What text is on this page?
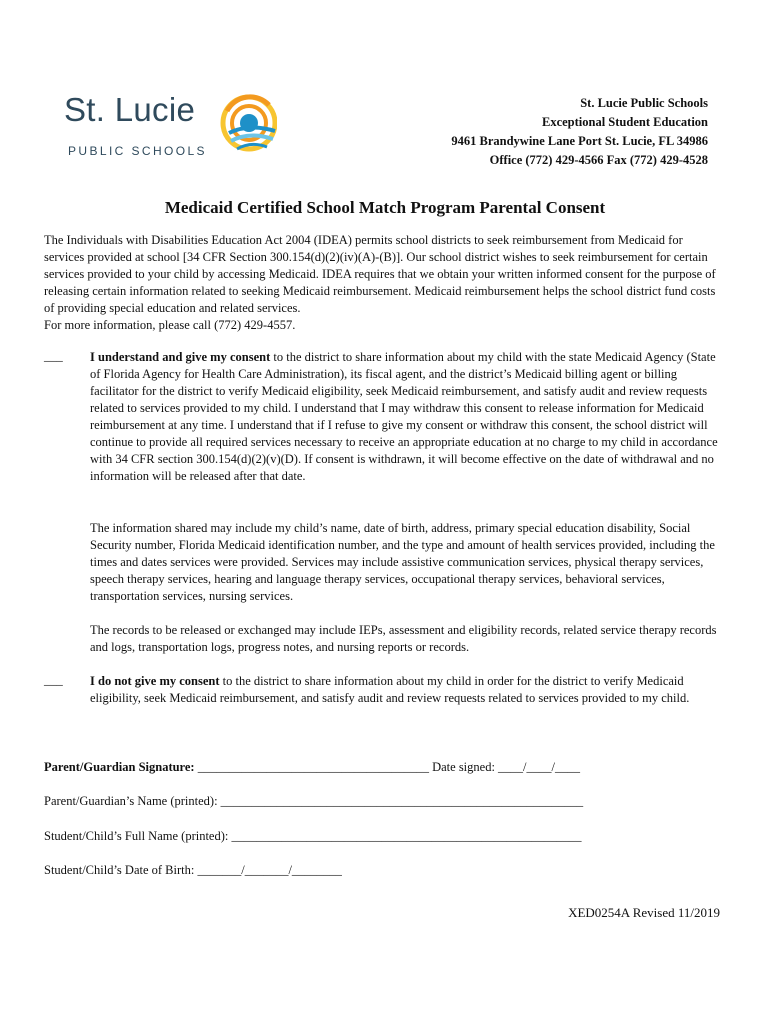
St. Lucie
PUBLIC SCHOOLS
St. Lucie Public Schools
Exceptional Student Education
9461 Brandywine Lane Port St. Lucie, FL 34986
Office (772) 429-4566 Fax (772) 429-4528
Medicaid Certified School Match Program Parental Consent
The Individuals with Disabilities Education Act 2004 (IDEA) permits school districts to seek reimbursement from Medicaid for services provided at school [34 CFR Section 300.154(d)(2)(iv)(A)-(B)]. Our school district wishes to seek reimbursement for certain services provided to your child by accessing Medicaid. IDEA requires that we obtain your written informed consent for the purpose of releasing certain information related to seeking Medicaid reimbursement. Medicaid reimbursement helps the school district fund costs of providing special education and related services.
For more information, please call (772) 429-4557.
___ I understand and give my consent to the district to share information about my child with the state Medicaid Agency (State of Florida Agency for Health Care Administration), its fiscal agent, and the district’s Medicaid billing agent or billing facilitator for the district to verify Medicaid eligibility, seek Medicaid reimbursement, and satisfy audit and review requests related to services provided to my child. I understand that I may withdraw this consent to release information for Medicaid reimbursement at any time. I understand that if I refuse to give my consent or withdraw this consent, the school district will continue to provide all required services necessary to receive an appropriate education at no charge to my child in accordance with 34 CFR section 300.154(d)(2)(v)(D). If consent is withdrawn, it will become effective on the date of withdrawal and no information will be released after that date.
The information shared may include my child’s name, date of birth, address, primary special education disability, Social Security number, Florida Medicaid identification number, and the type and amount of health services provided, including the times and dates services were provided. Services may include assistive communication services, physical therapy services, speech therapy services, hearing and language therapy services, occupational therapy services, behavioral services, transportation services, nursing services.
The records to be released or exchanged may include IEPs, assessment and eligibility records, related service therapy records and logs, transportation logs, progress notes, and nursing reports or records.
___ I do not give my consent to the district to share information about my child in order for the district to verify Medicaid eligibility, seek Medicaid reimbursement, and satisfy audit and review requests related to services provided to my child.
Parent/Guardian Signature: _____________________________________ Date signed: ____/____/____
Parent/Guardian’s Name (printed): __________________________________________________________
Student/Child’s Full Name (printed): ________________________________________________________
Student/Child’s Date of Birth: _______/_______/________
XED0254A Revised 11/2019
